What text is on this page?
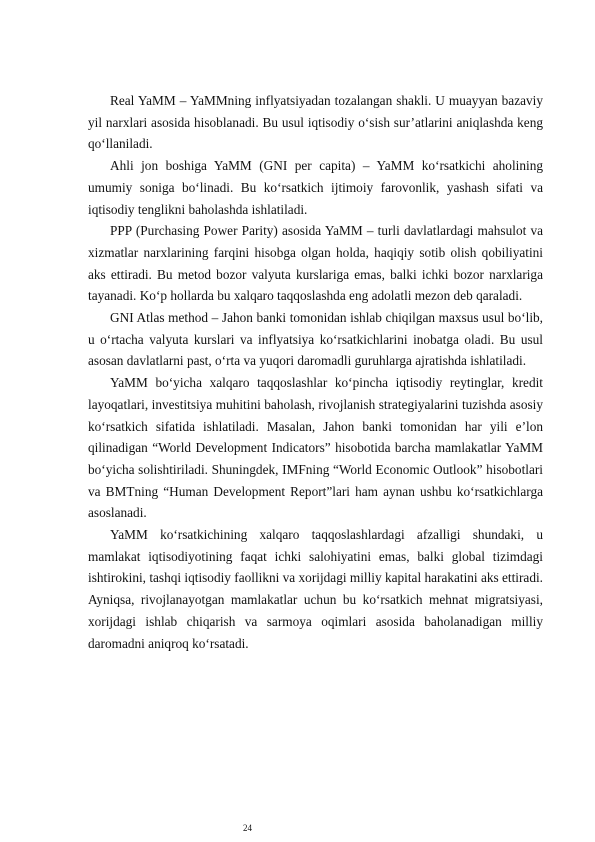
Real YaMM – YaMMning inflyatsiyadan tozalangan shakli. U muayyan bazaviy yil narxlari asosida hisoblanadi. Bu usul iqtisodiy o‘sish sur’atlarini aniqlashda keng qo‘llaniladi.

Ahli jon boshiga YaMM (GNI per capita) – YaMM ko‘rsatkichi aholining umumiy soniga bo‘linadi. Bu ko‘rsatkich ijtimoiy farovonlik, yashash sifati va iqtisodiy tenglikni baholashda ishlatiladi.

PPP (Purchasing Power Parity) asosida YaMM – turli davlatlardagi mahsulot va xizmatlar narxlarining farqini hisobga olgan holda, haqiqiy sotib olish qobiliyatini aks ettiradi. Bu metod bozor valyuta kurslariga emas, balki ichki bozor narxlariga tayanadi. Ko‘p hollarda bu xalqaro taqqoslashda eng adolatli mezon deb qaraladi.

GNI Atlas method – Jahon banki tomonidan ishlab chiqilgan maxsus usul bo‘lib, u o‘rtacha valyuta kurslari va inflyatsiya ko‘rsatkichlarini inobatga oladi. Bu usul asosan davlatlarni past, o‘rta va yuqori daromadli guruhlarga ajratishda ishlatiladi.

YaMM bo‘yicha xalqaro taqqoslashlar ko‘pincha iqtisodiy reytinglar, kredit layoqatlari, investitsiya muhitini baholash, rivojlanish strategiyalarini tuzishda asosiy ko‘rsatkich sifatida ishlatiladi. Masalan, Jahon banki tomonidan har yili e’lon qilinadigan “World Development Indicators” hisobotida barcha mamlakatlar YaMM bo‘yicha solishtiriladi. Shuningdek, IMFning “World Economic Outlook” hisobotlari va BMTning “Human Development Report”lari ham aynan ushbu ko‘rsatkichlarga asoslanadi.

YaMM ko‘rsatkichining xalqaro taqqoslashlardagi afzalligi shundaki, u mamlakat iqtisodiyotining faqat ichki salohiyatini emas, balki global tizimdagi ishtirokini, tashqi iqtisodiy faollikni va xorijdagi milliy kapital harakatini aks ettiradi. Ayniqsa, rivojlanayotgan mamlakatlar uchun bu ko‘rsatkich mehnat migratsiyasi, xorijdagi ishlab chiqarish va sarmoya oqimlari asosida baholanadigan milliy daromadni aniqroq ko‘rsatadi.

24
